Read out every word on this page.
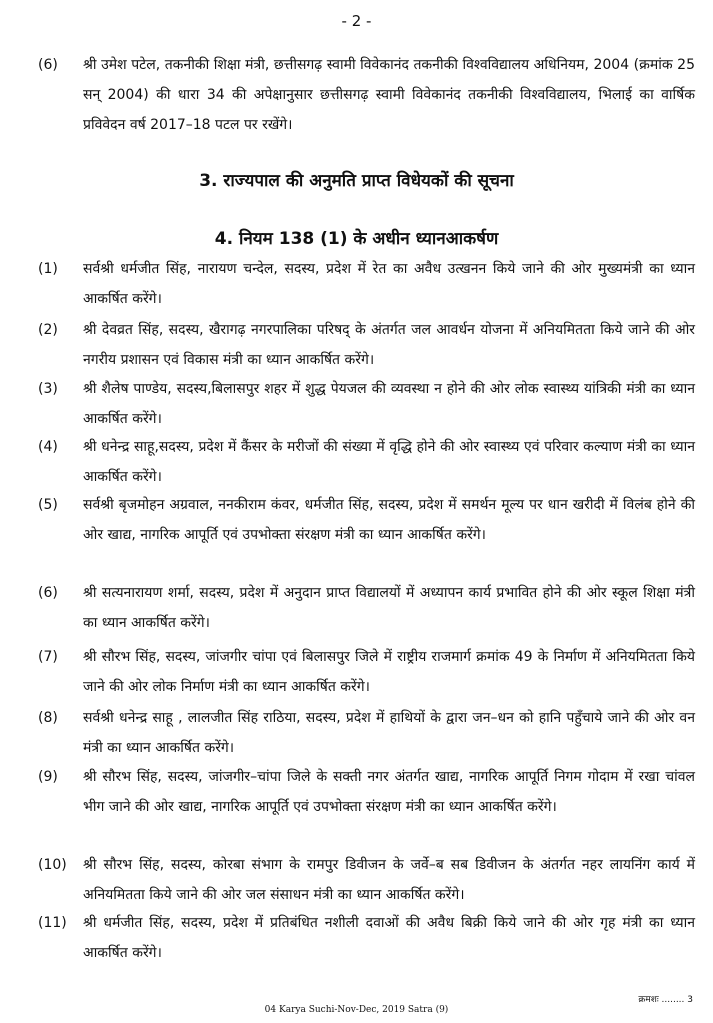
- 2 -
(6) श्री उमेश पटेल, तकनीकी शिक्षा मंत्री, छत्तीसगढ़ स्वामी विवेकानंद तकनीकी विश्वविद्यालय अधिनियम, 2004 (क्रमांक 25 सन् 2004) की धारा 34 की अपेक्षानुसार छत्तीसगढ़ स्वामी विवेकानंद तकनीकी विश्वविद्यालय, भिलाई का वार्षिक प्रविवेदन वर्ष 2017–18 पटल पर रखेंगे।

3. राज्यपाल की अनुमति प्राप्त विधेयकों की सूचना
4. नियम 138 (1) के अधीन ध्यानआकर्षण
(1) सर्वश्री धर्मजीत सिंह, नारायण चन्देल, सदस्य, प्रदेश में रेत का अवैध उत्खनन किये जाने की ओर मुख्यमंत्री का ध्यान आकर्षित करेंगे।

(2) श्री देवव्रत सिंह, सदस्य, खैरागढ़ नगरपालिका परिषद् के अंतर्गत जल आवर्धन योजना में अनियमितता किये जाने की ओर नगरीय प्रशासन एवं विकास मंत्री का ध्यान आकर्षित करेंगे।

(3) श्री शैलेष पाण्डेय, सदस्य,बिलासपुर शहर में शुद्ध पेयजल की व्यवस्था न होने की ओर लोक स्वास्थ्य यांत्रिकी मंत्री का ध्यान आकर्षित करेंगे।

(4) श्री धनेन्द्र साहू,सदस्य, प्रदेश में कैंसर के मरीजों की संख्या में वृद्धि होने की ओर स्वास्थ्य एवं परिवार कल्याण मंत्री का ध्यान आकर्षित करेंगे।

(5) सर्वश्री बृजमोहन अग्रवाल, ननकीराम कंवर, धर्मजीत सिंह, सदस्य, प्रदेश में समर्थन मूल्य पर धान खरीदी में विलंब होने की ओर खाद्य, नागरिक आपूर्ति एवं उपभोक्ता संरक्षण मंत्री का ध्यान आकर्षित करेंगे।

(6) श्री सत्यनारायण शर्मा, सदस्य, प्रदेश में अनुदान प्राप्त विद्यालयों में अध्यापन कार्य प्रभावित होने की ओर स्कूल शिक्षा मंत्री का ध्यान आकर्षित करेंगे।

(7) श्री सौरभ सिंह, सदस्य, जांजगीर चांपा एवं बिलासपुर जिले में राष्ट्रीय राजमार्ग क्रमांक 49 के निर्माण में अनियमितता किये जाने की ओर लोक निर्माण मंत्री का ध्यान आकर्षित करेंगे।

(8) सर्वश्री धनेन्द्र साहू , लालजीत सिंह राठिया, सदस्य, प्रदेश में हाथियों के द्वारा जन–धन को हानि पहुँचाये जाने की ओर वन मंत्री का ध्यान आकर्षित करेंगे।

(9) श्री सौरभ सिंह, सदस्य, जांजगीर–चांपा जिले के सक्ती नगर अंतर्गत खाद्य, नागरिक आपूर्ति निगम गोदाम में रखा चांवल भीग जाने की ओर खाद्य, नागरिक आपूर्ति एवं उपभोक्ता संरक्षण मंत्री का ध्यान आकर्षित करेंगे।

(10) श्री सौरभ सिंह, सदस्य, कोरबा संभाग के रामपुर डिवीजन के जर्वे–ब सब डिवीजन के अंतर्गत नहर लायनिंग कार्य में अनियमितता किये जाने की ओर जल संसाधन मंत्री का ध्यान आकर्षित करेंगे।

(11) श्री धर्मजीत सिंह, सदस्य, प्रदेश में प्रतिबंधित नशीली दवाओं की अवैध बिक्री किये जाने की ओर गृह मंत्री का ध्यान आकर्षित करेंगे।

क्रमशः ........ 3
04 Karya Suchi-Nov-Dec, 2019 Satra (9)
